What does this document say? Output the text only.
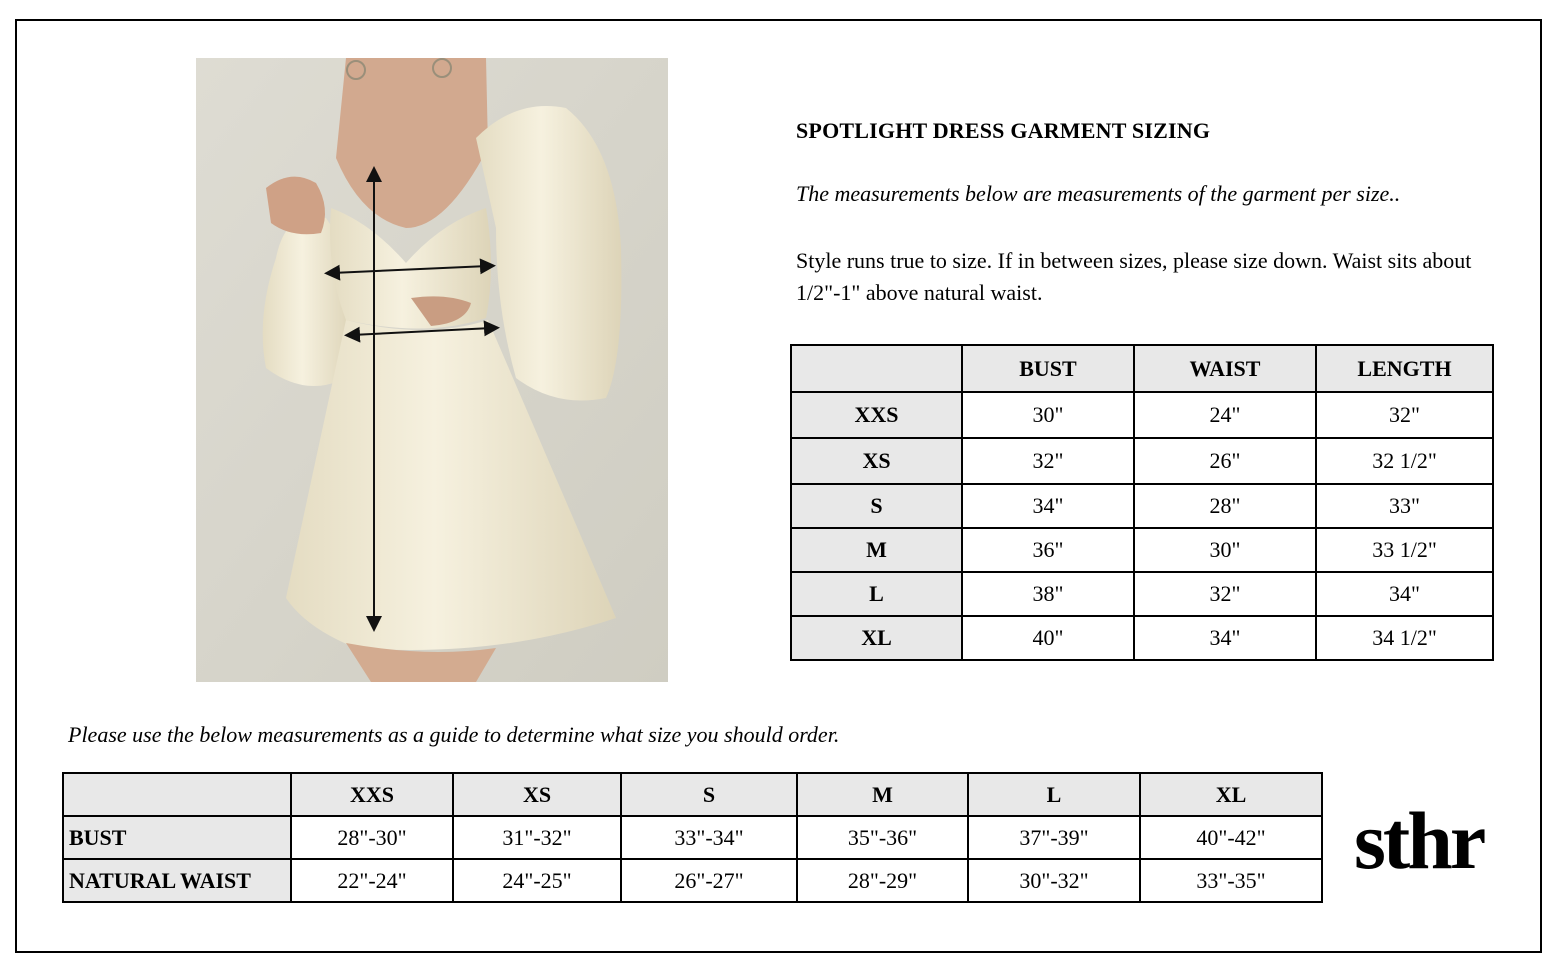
SPOTLIGHT DRESS GARMENT SIZING
The measurements below are measurements of the garment per size..
Style runs true to size. If in between sizes, please size down. Waist sits about 1/2"-1" above natural waist.
	BUST	WAIST	LENGTH
XXS	30"	24"	32"
XS	32"	26"	32 1/2"
S	34"	28"	33"
M	36"	30"	33 1/2"
L	38"	32"	34"
XL	40"	34"	34 1/2"
Please use the below measurements as a guide to determine what size you should order.
	XXS	XS	S	M	L	XL
BUST	28"-30"	31"-32"	33"-34"	35"-36"	37"-39"	40"-42"
NATURAL WAIST	22"-24"	24"-25"	26"-27"	28"-29"	30"-32"	33"-35" sthr
